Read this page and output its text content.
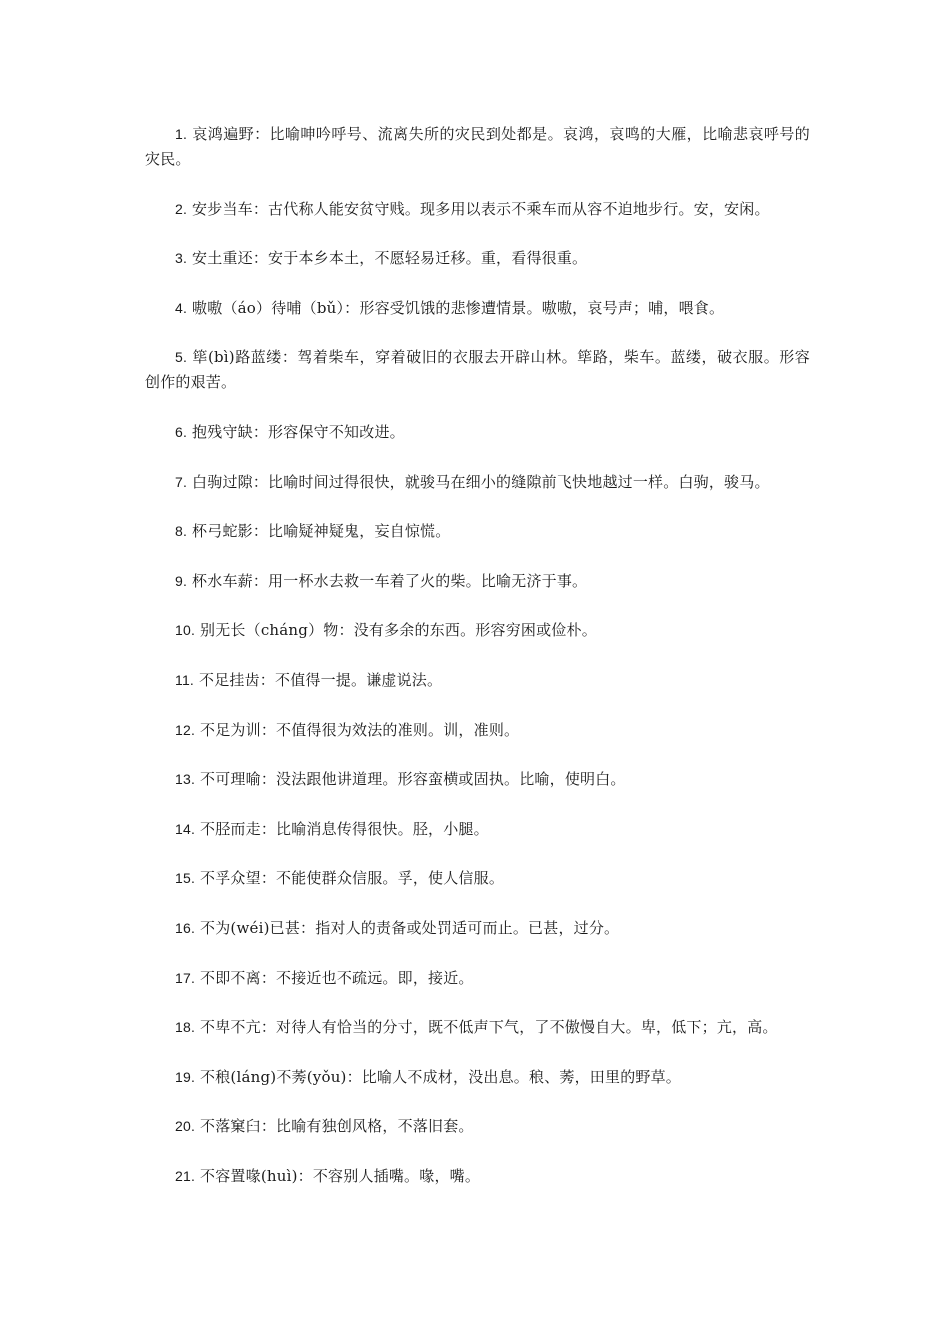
1. 哀鸿遍野：比喻呻吟呼号、流离失所的灾民到处都是。哀鸿，哀鸣的大雁，比喻悲哀呼号的灾民。
2. 安步当车：古代称人能安贫守贱。现多用以表示不乘车而从容不迫地步行。安，安闲。
3. 安土重还：安于本乡本土，不愿轻易迁移。重，看得很重。
4. 嗷嗷（áo）待哺（bǔ）：形容受饥饿的悲惨遭情景。嗷嗷，哀号声；哺，喂食。
5. 筚(bì)路蓝缕：驾着柴车，穿着破旧的衣服去开辟山林。筚路，柴车。蓝缕，破衣服。形容创作的艰苦。
6. 抱残守缺：形容保守不知改进。
7. 白驹过隙：比喻时间过得很快，就骏马在细小的缝隙前飞快地越过一样。白驹，骏马。
8. 杯弓蛇影：比喻疑神疑鬼，妄自惊慌。
9. 杯水车薪：用一杯水去救一车着了火的柴。比喻无济于事。
10. 别无长（cháng）物：没有多余的东西。形容穷困或俭朴。
11. 不足挂齿：不值得一提。谦虚说法。
12. 不足为训：不值得很为效法的准则。训，准则。
13. 不可理喻：没法跟他讲道理。形容蛮横或固执。比喻，使明白。
14. 不胫而走：比喻消息传得很快。胫，小腿。
15. 不孚众望：不能使群众信服。孚，使人信服。
16. 不为(wéi)已甚：指对人的责备或处罚适可而止。已甚，过分。
17. 不即不离：不接近也不疏远。即，接近。
18. 不卑不亢：对待人有恰当的分寸，既不低声下气，了不傲慢自大。卑，低下；亢，高。
19. 不稂(láng)不莠(yǒu)：比喻人不成材，没出息。稂、莠，田里的野草。
20. 不落窠臼：比喻有独创风格，不落旧套。
21. 不容置喙(huì)：不容别人插嘴。喙，嘴。
